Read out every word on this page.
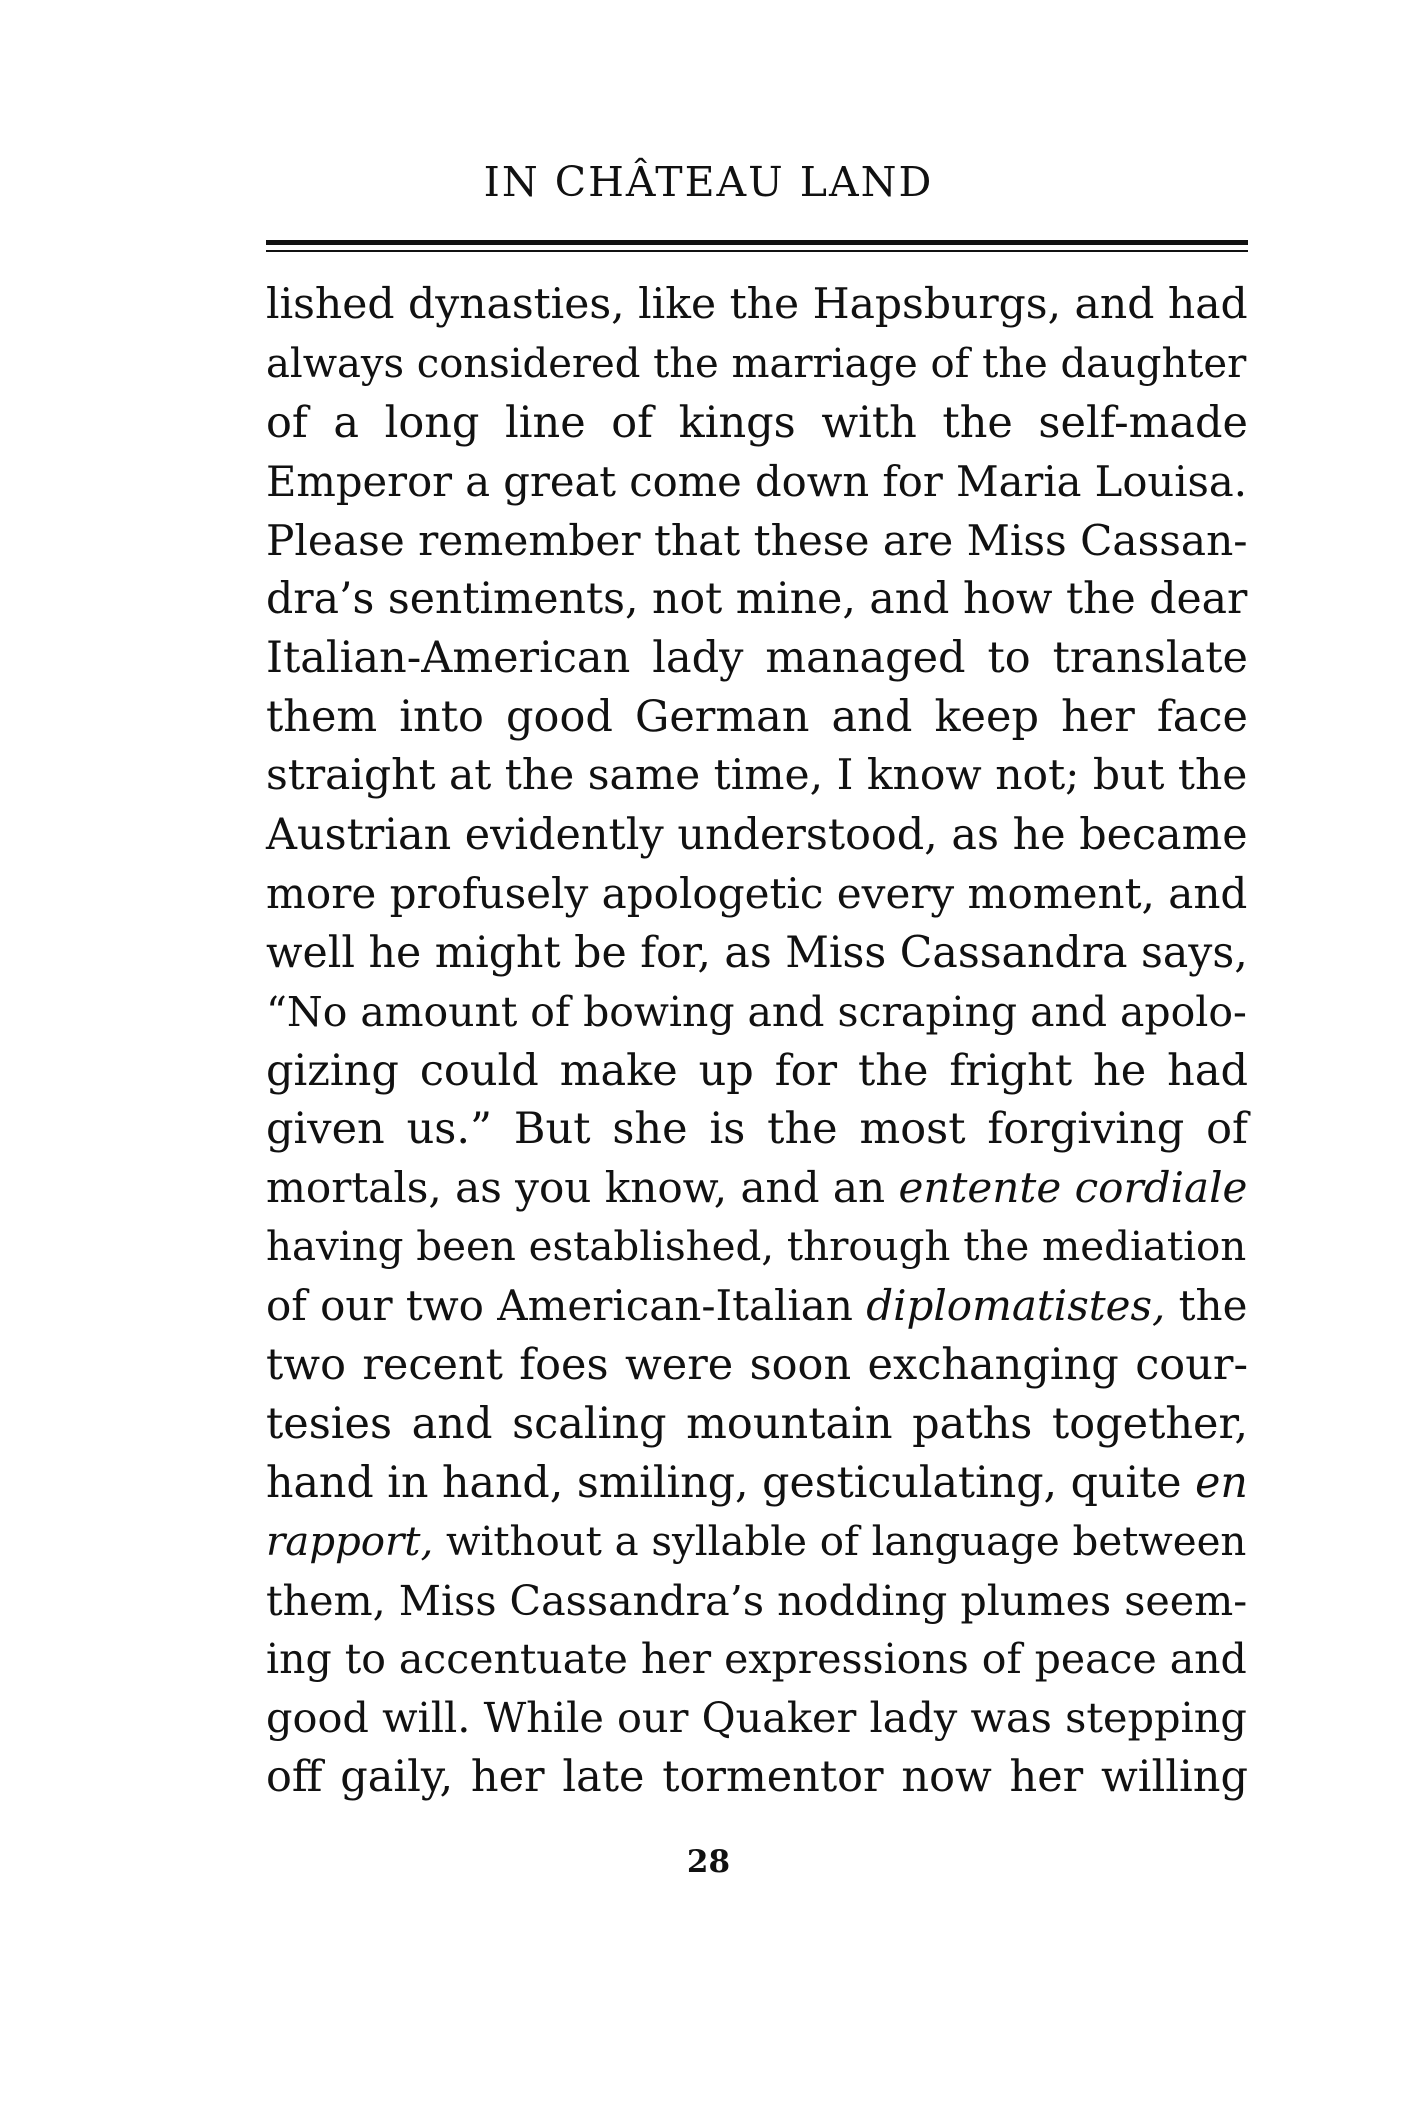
IN CHÂTEAU LAND
lished dynasties, like the Hapsburgs, and had
always considered the marriage of the daughter
of a long line of kings with the self-made
Emperor a great come down for Maria Louisa.
Please remember that these are Miss Cassan-
dra’s sentiments, not mine, and how the dear
Italian-American lady managed to translate
them into good German and keep her face
straight at the same time, I know not; but the
Austrian evidently understood, as he became
more profusely apologetic every moment, and
well he might be for, as Miss Cassandra says,
“No amount of bowing and scraping and apolo-
gizing could make up for the fright he had
given us.” But she is the most forgiving of
mortals, as you know, and an entente cordiale
having been established, through the mediation
of our two American-Italian diplomatistes, the
two recent foes were soon exchanging cour-
tesies and scaling mountain paths together,
hand in hand, smiling, gesticulating, quite en
rapport, without a syllable of language between
them, Miss Cassandra’s nodding plumes seem-
ing to accentuate her expressions of peace and
good will. While our Quaker lady was stepping
off gaily, her late tormentor now her willing
28
